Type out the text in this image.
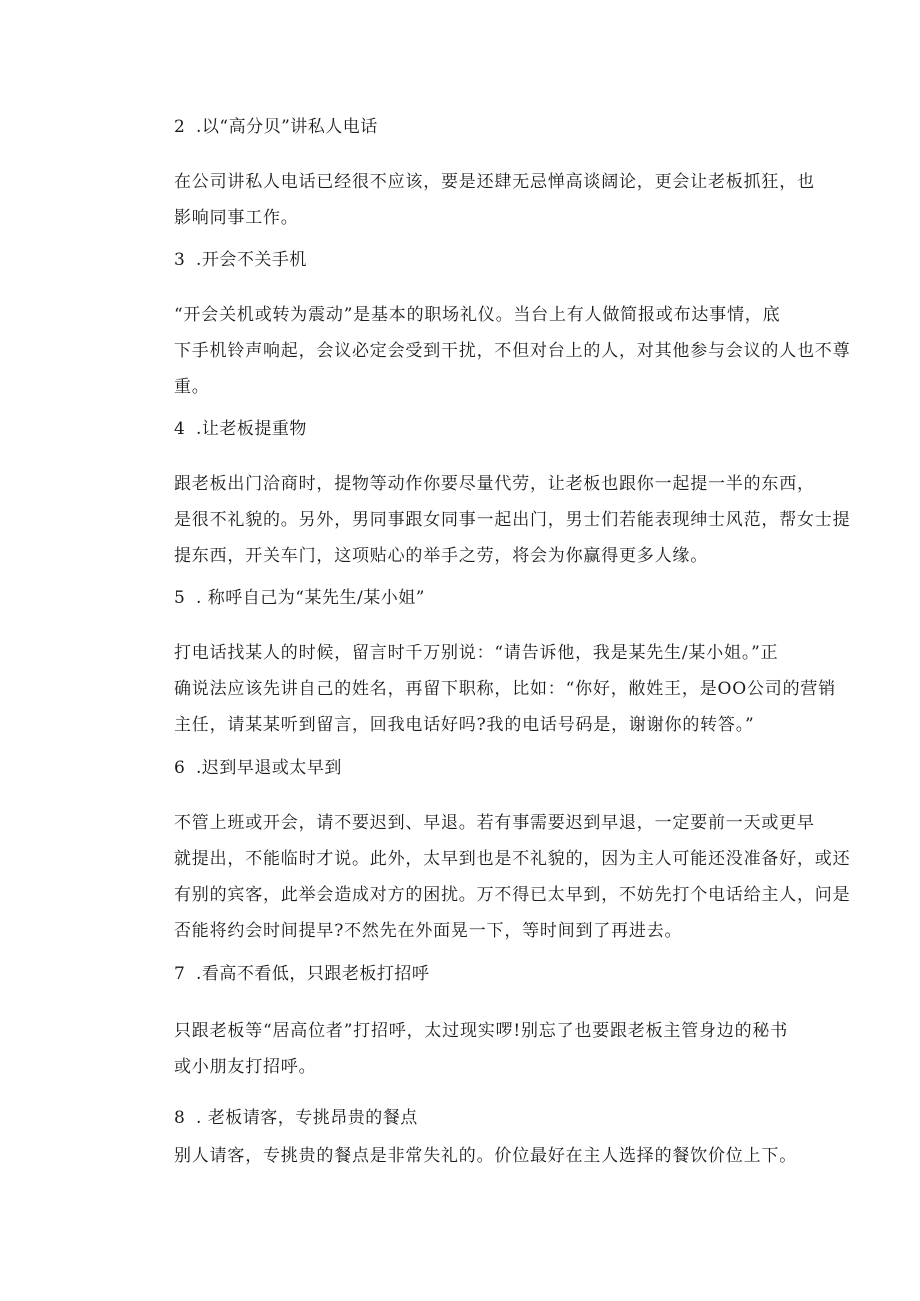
2 .以“高分贝”讲私人电话
在公司讲私人电话已经很不应该，要是还肆无忌惮高谈阔论，更会让老板抓狂，也
影响同事工作。
3 .开会不关手机
“开会关机或转为震动”是基本的职场礼仪。当台上有人做简报或布达事情，底
下手机铃声响起，会议必定会受到干扰，不但对台上的人，对其他参与会议的人也不尊
重。
4 .让老板提重物
跟老板出门洽商时，提物等动作你要尽量代劳，让老板也跟你一起提一半的东西，
是很不礼貌的。另外，男同事跟女同事一起出门，男士们若能表现绅士风范，帮女士提
提东西，开关车门，这项贴心的举手之劳，将会为你赢得更多人缘。
5 . 称呼自己为“某先生/某小姐”
打电话找某人的时候，留言时千万别说：“请告诉他，我是某先生/某小姐。”正
确说法应该先讲自己的姓名，再留下职称，比如：“你好，敝姓王，是OO公司的营销
主任，请某某听到留言，回我电话好吗?我的电话号码是，谢谢你的转答。”
6 .迟到早退或太早到
不管上班或开会，请不要迟到、早退。若有事需要迟到早退，一定要前一天或更早
就提出，不能临时才说。此外，太早到也是不礼貌的，因为主人可能还没准备好，或还
有别的宾客，此举会造成对方的困扰。万不得已太早到，不妨先打个电话给主人，问是
否能将约会时间提早?不然先在外面晃一下，等时间到了再进去。
7 .看高不看低，只跟老板打招呼
只跟老板等“居高位者”打招呼，太过现实啰!别忘了也要跟老板主管身边的秘书
或小朋友打招呼。
8 . 老板请客，专挑昂贵的餐点
别人请客，专挑贵的餐点是非常失礼的。价位最好在主人选择的餐饮价位上下。
